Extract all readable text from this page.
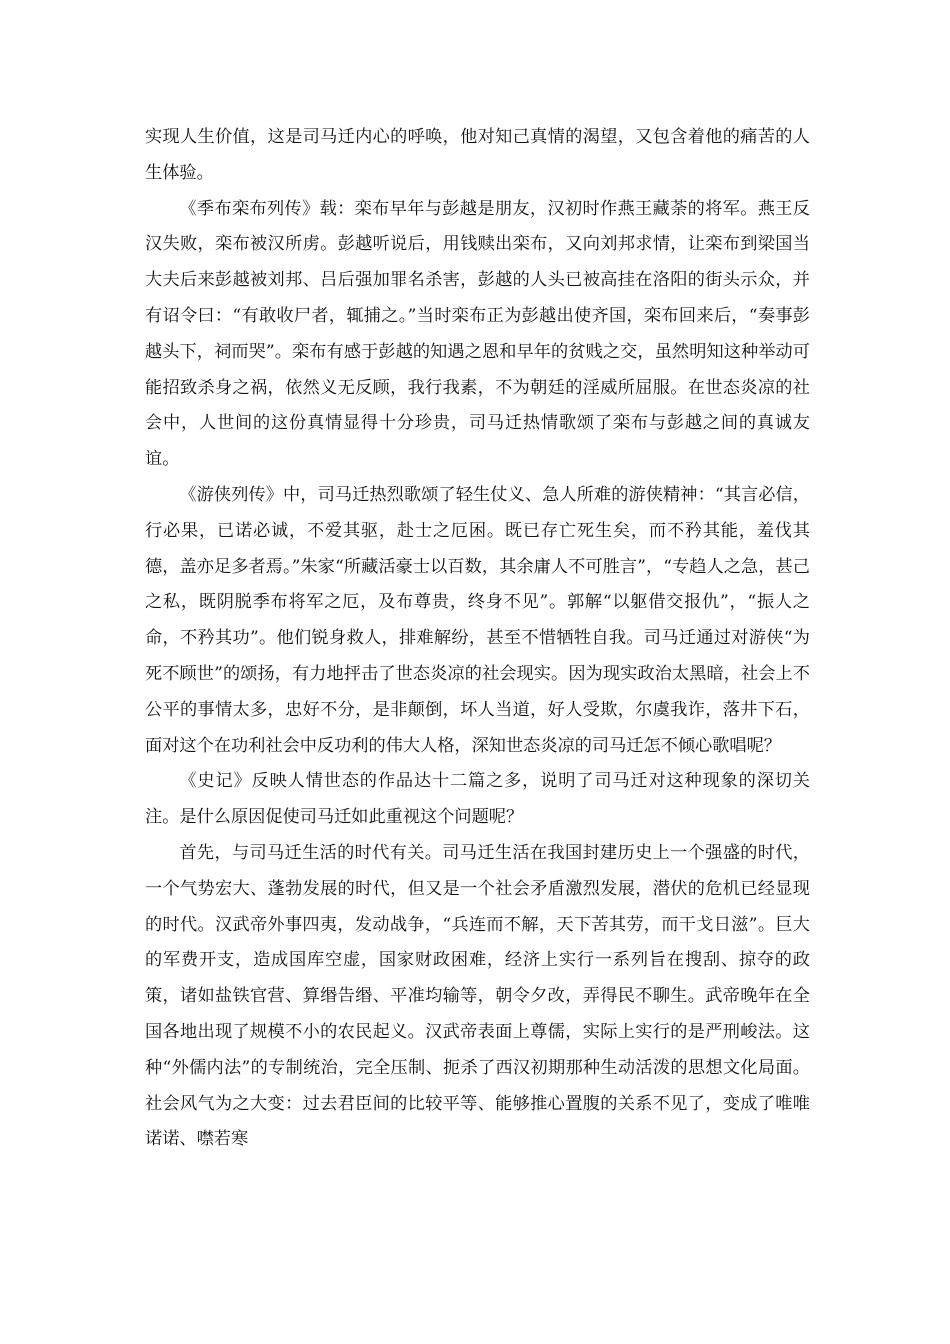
实现人生价值，这是司马迁内心的呼唤，他对知己真情的渴望，又包含着他的痛苦的人生体验。

《季布栾布列传》载：栾布早年与彭越是朋友，汉初时作燕王藏荼的将军。燕王反汉失败，栾布被汉所虏。彭越听说后，用钱赎出栾布，又向刘邦求情，让栾布到梁国当大夫后来彭越被刘邦、吕后强加罪名杀害，彭越的人头已被高挂在洛阳的街头示众，并有诏令曰：“有敢收尸者，辄捕之。”当时栾布正为彭越出使齐国，栾布回来后，“奏事彭越头下，祠而哭”。栾布有感于彭越的知遇之恩和早年的贫贱之交，虽然明知这种举动可能招致杀身之祸，依然义无反顾，我行我素，不为朝廷的淫威所屈服。在世态炎凉的社会中，人世间的这份真情显得十分珍贵，司马迁热情歌颂了栾布与彭越之间的真诚友谊。

《游侠列传》中，司马迁热烈歌颂了轻生仗义、急人所难的游侠精神：“其言必信，行必果，已诺必诚，不爱其驱，赴士之厄困。既已存亡死生矣，而不矜其能，羞伐其德，盖亦足多者焉。”朱家“所藏活豪士以百数，其余庸人不可胜言”，“专趋人之急，甚己之私，既阴脱季布将军之厄，及布尊贵，终身不见”。郭解“以躯借交报仇”，“振人之命，不矜其功”。他们锐身救人，排难解纷，甚至不惜牺牲自我。司马迁通过对游侠“为死不顾世”的颂扬，有力地抨击了世态炎凉的社会现实。因为现实政治太黑暗，社会上不公平的事情太多，忠好不分，是非颠倒，坏人当道，好人受欺，尔虞我诈，落井下石，面对这个在功利社会中反功利的伟大人格，深知世态炎凉的司马迁怎不倾心歌唱呢？

《史记》反映人情世态的作品达十二篇之多，说明了司马迁对这种现象的深切关注。是什么原因促使司马迁如此重视这个问题呢？

首先，与司马迁生活的时代有关。司马迁生活在我国封建历史上一个强盛的时代，一个气势宏大、蓬勃发展的时代，但又是一个社会矛盾激烈发展，潜伏的危机已经显现的时代。汉武帝外事四夷，发动战争，“兵连而不解，天下苦其劳，而干戈日滋”。巨大的军费开支，造成国库空虚，国家财政困难，经济上实行一系列旨在搜刮、掠夺的政策，诸如盐铁官营、算缗告缗、平准均输等，朝令夕改，弄得民不聊生。武帝晚年在全国各地出现了规模不小的农民起义。汉武帝表面上尊儒，实际上实行的是严刑峻法。这种“外儒内法”的专制统治，完全压制、扼杀了西汉初期那种生动活泼的思想文化局面。社会风气为之大变：过去君臣间的比较平等、能够推心置腹的关系不见了，变成了唯唯诺诺、噤若寒
